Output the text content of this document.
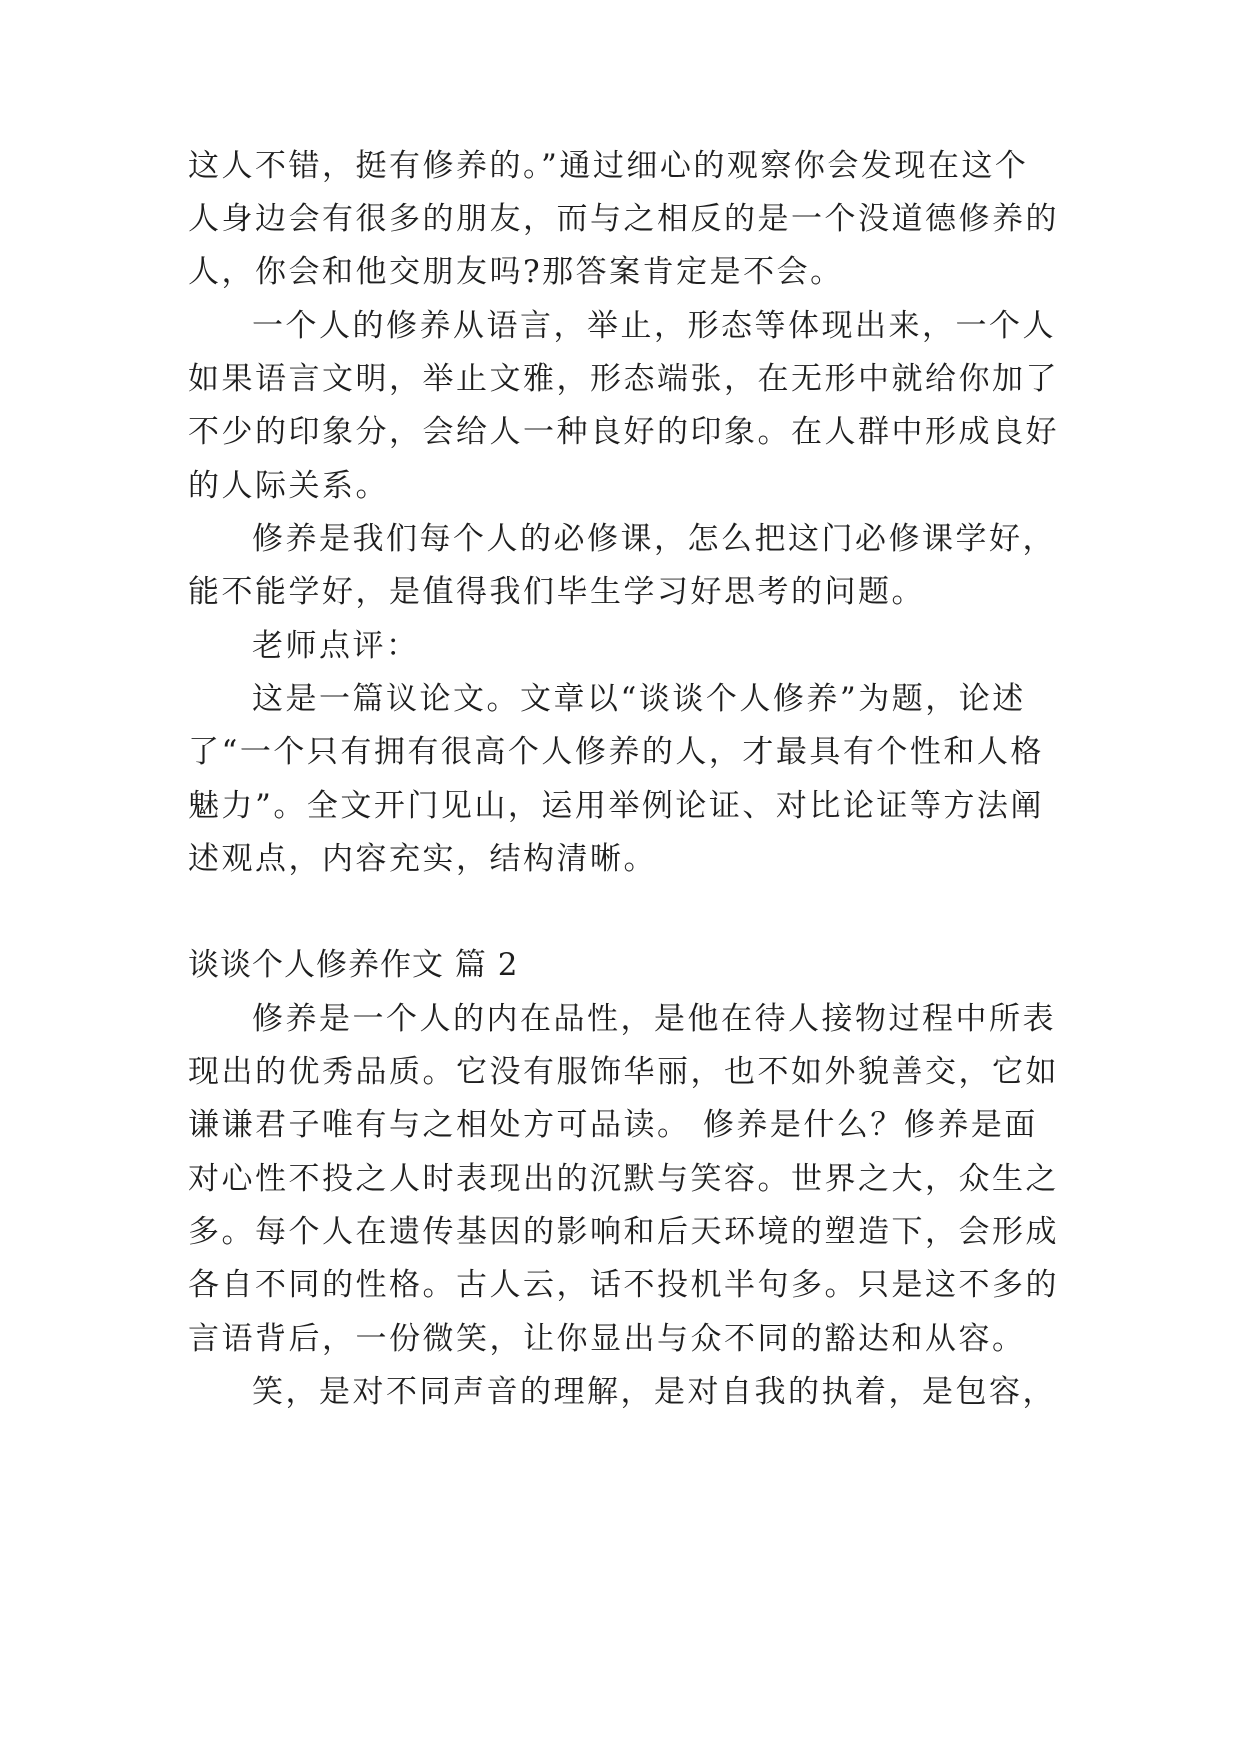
这人不错，挺有修养的。”通过细心的观察你会发现在这个

人身边会有很多的朋友，而与之相反的是一个没道德修养的

人，你会和他交朋友吗?那答案肯定是不会。

一个人的修养从语言，举止，形态等体现出来，一个人

如果语言文明，举止文雅，形态端张，在无形中就给你加了

不少的印象分，会给人一种良好的印象。在人群中形成良好

的人际关系。

修养是我们每个人的必修课，怎么把这门必修课学好，

能不能学好，是值得我们毕生学习好思考的问题。

老师点评：

这是一篇议论文。文章以“谈谈个人修养”为题，论述

了“一个只有拥有很高个人修养的人，才最具有个性和人格

魅力”。全文开门见山，运用举例论证、对比论证等方法阐

述观点，内容充实，结构清晰。

谈谈个人修养作文 篇 2

修养是一个人的内在品性，是他在待人接物过程中所表

现出的优秀品质。它没有服饰华丽，也不如外貌善交，它如

谦谦君子唯有与之相处方可品读。 修养是什么？修养是面

对心性不投之人时表现出的沉默与笑容。世界之大，众生之

多。每个人在遗传基因的影响和后天环境的塑造下，会形成

各自不同的性格。古人云，话不投机半句多。只是这不多的

言语背后，一份微笑，让你显出与众不同的豁达和从容。

笑，是对不同声音的理解，是对自我的执着，是包容，
